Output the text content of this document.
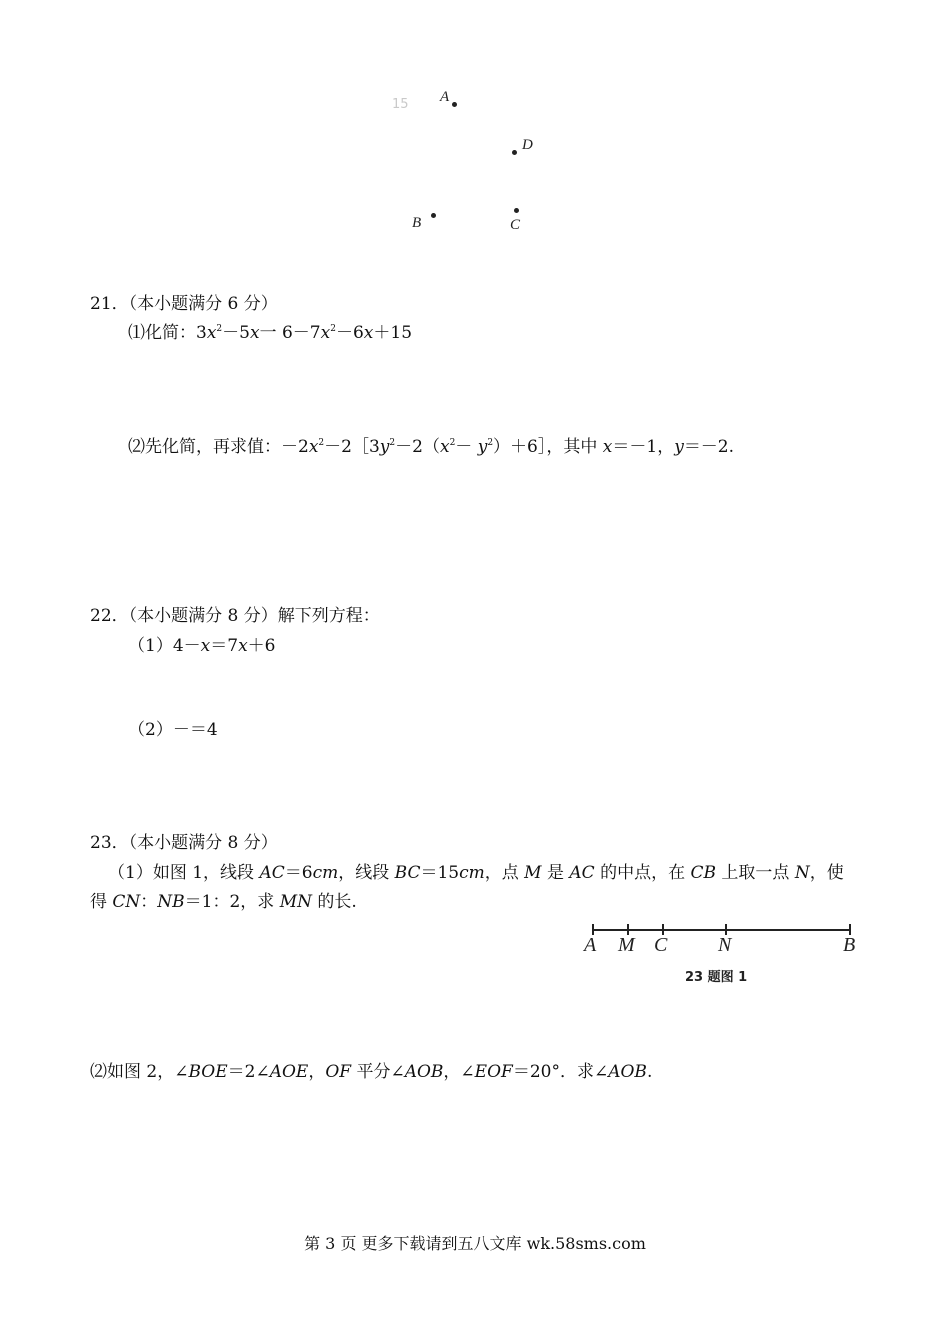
15 A
D
B	C
21．（本小题满分 6 分）
⑴化简：$3x^2-5x$一 $6-7x^2-6x+15$
⑵先化简，再求值：$-2x^2-2[3y^2-2(x^2-$ $y^2)+6]$，其中 x＝－1，y＝－2.
22．（本小题满分 8 分）解下列方程：
（1）4－x＝7x＋6
（2）－＝4
23．（本小题满分 8 分）
（1）如图 1，线段 AC＝6cm，线段 BC＝15cm，点 M 是 AC 的中点，在 CB 上取一点 N，使
得 CN：NB＝1：2，求 MN 的长.
A M C	N	B
23 题图 1
⑵如图 2，∠BOE＝2∠AOE，OF 平分∠AOB，∠EOF＝20°．求∠AOB.
第 3 页 更多下载请到五八文库 wk.58sms.com
